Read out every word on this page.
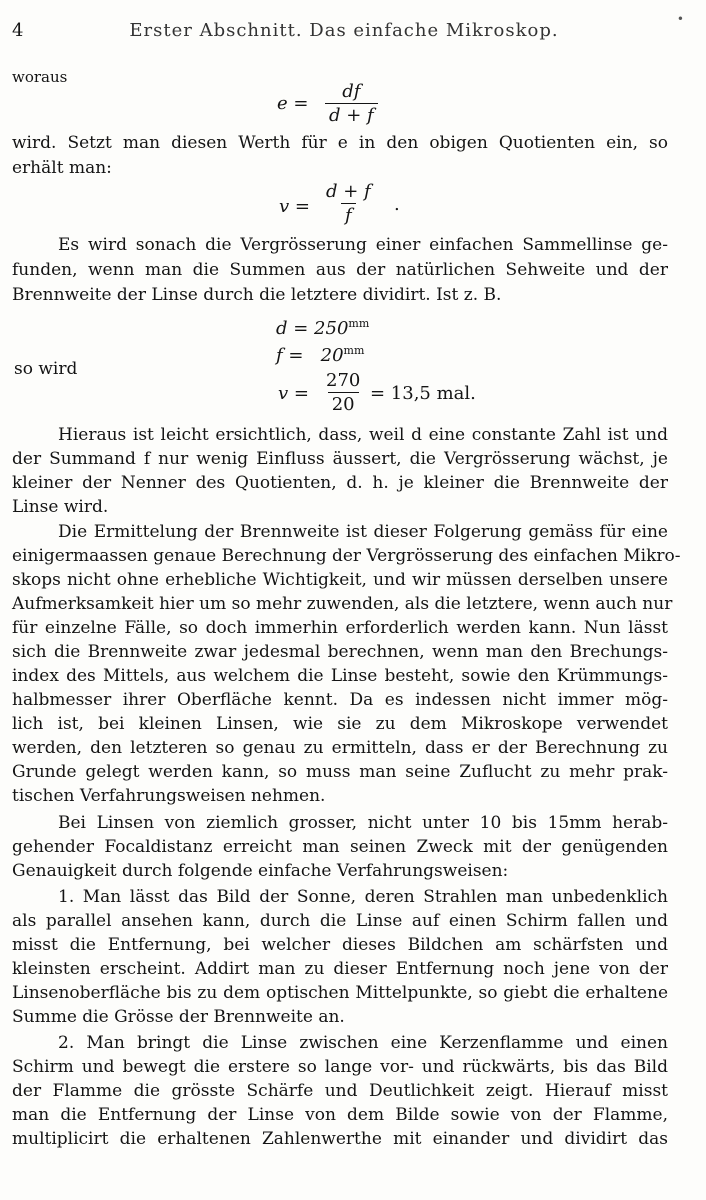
4	Erster Abschnitt. Das einfache Mikroskop.
•
woraus
$e = \frac{df}{d + f}$
wird. Setzt man diesen Werth für e in den obigen Quotienten ein, so
erhält man:
$v = \frac{d + f}{f}$ .
Es wird sonach die Vergrösserung einer einfachen Sammellinse ge-
funden, wenn man die Summen aus der natürlichen Sehweite und der
Brennweite der Linse durch die letztere dividirt. Ist z. B.
$d = 250^{mm}$
$f = 20^{mm}$
so wird
$v = \frac{270}{20} = 13,5$ mal.
Hieraus ist leicht ersichtlich, dass, weil d eine constante Zahl ist und
der Summand f nur wenig Einfluss äussert, die Vergrösserung wächst, je
kleiner der Nenner des Quotienten, d. h. je kleiner die Brennweite der
Linse wird.
Die Ermittelung der Brennweite ist dieser Folgerung gemäss für eine
einigermaassen genaue Berechnung der Vergrösserung des einfachen Mikro-
skops nicht ohne erhebliche Wichtigkeit, und wir müssen derselben unsere
Aufmerksamkeit hier um so mehr zuwenden, als die letztere, wenn auch nur
für einzelne Fälle, so doch immerhin erforderlich werden kann. Nun lässt
sich die Brennweite zwar jedesmal berechnen, wenn man den Brechungs-
index des Mittels, aus welchem die Linse besteht, sowie den Krümmungs-
halbmesser ihrer Oberfläche kennt. Da es indessen nicht immer mög-
lich ist, bei kleinen Linsen, wie sie zu dem Mikroskope verwendet
werden, den letzteren so genau zu ermitteln, dass er der Berechnung zu
Grunde gelegt werden kann, so muss man seine Zuflucht zu mehr prak-
tischen Verfahrungsweisen nehmen.
Bei Linsen von ziemlich grosser, nicht unter 10 bis 15mm herab-
gehender Focaldistanz erreicht man seinen Zweck mit der genügenden
Genauigkeit durch folgende einfache Verfahrungsweisen:
1. Man lässt das Bild der Sonne, deren Strahlen man unbedenklich
als parallel ansehen kann, durch die Linse auf einen Schirm fallen und
misst die Entfernung, bei welcher dieses Bildchen am schärfsten und
kleinsten erscheint. Addirt man zu dieser Entfernung noch jene von der
Linsenoberfläche bis zu dem optischen Mittelpunkte, so giebt die erhaltene
Summe die Grösse der Brennweite an.
2. Man bringt die Linse zwischen eine Kerzenflamme und einen
Schirm und bewegt die erstere so lange vor- und rückwärts, bis das Bild
der Flamme die grösste Schärfe und Deutlichkeit zeigt. Hierauf misst
man die Entfernung der Linse von dem Bilde sowie von der Flamme,
multiplicirt die erhaltenen Zahlenwerthe mit einander und dividirt das
